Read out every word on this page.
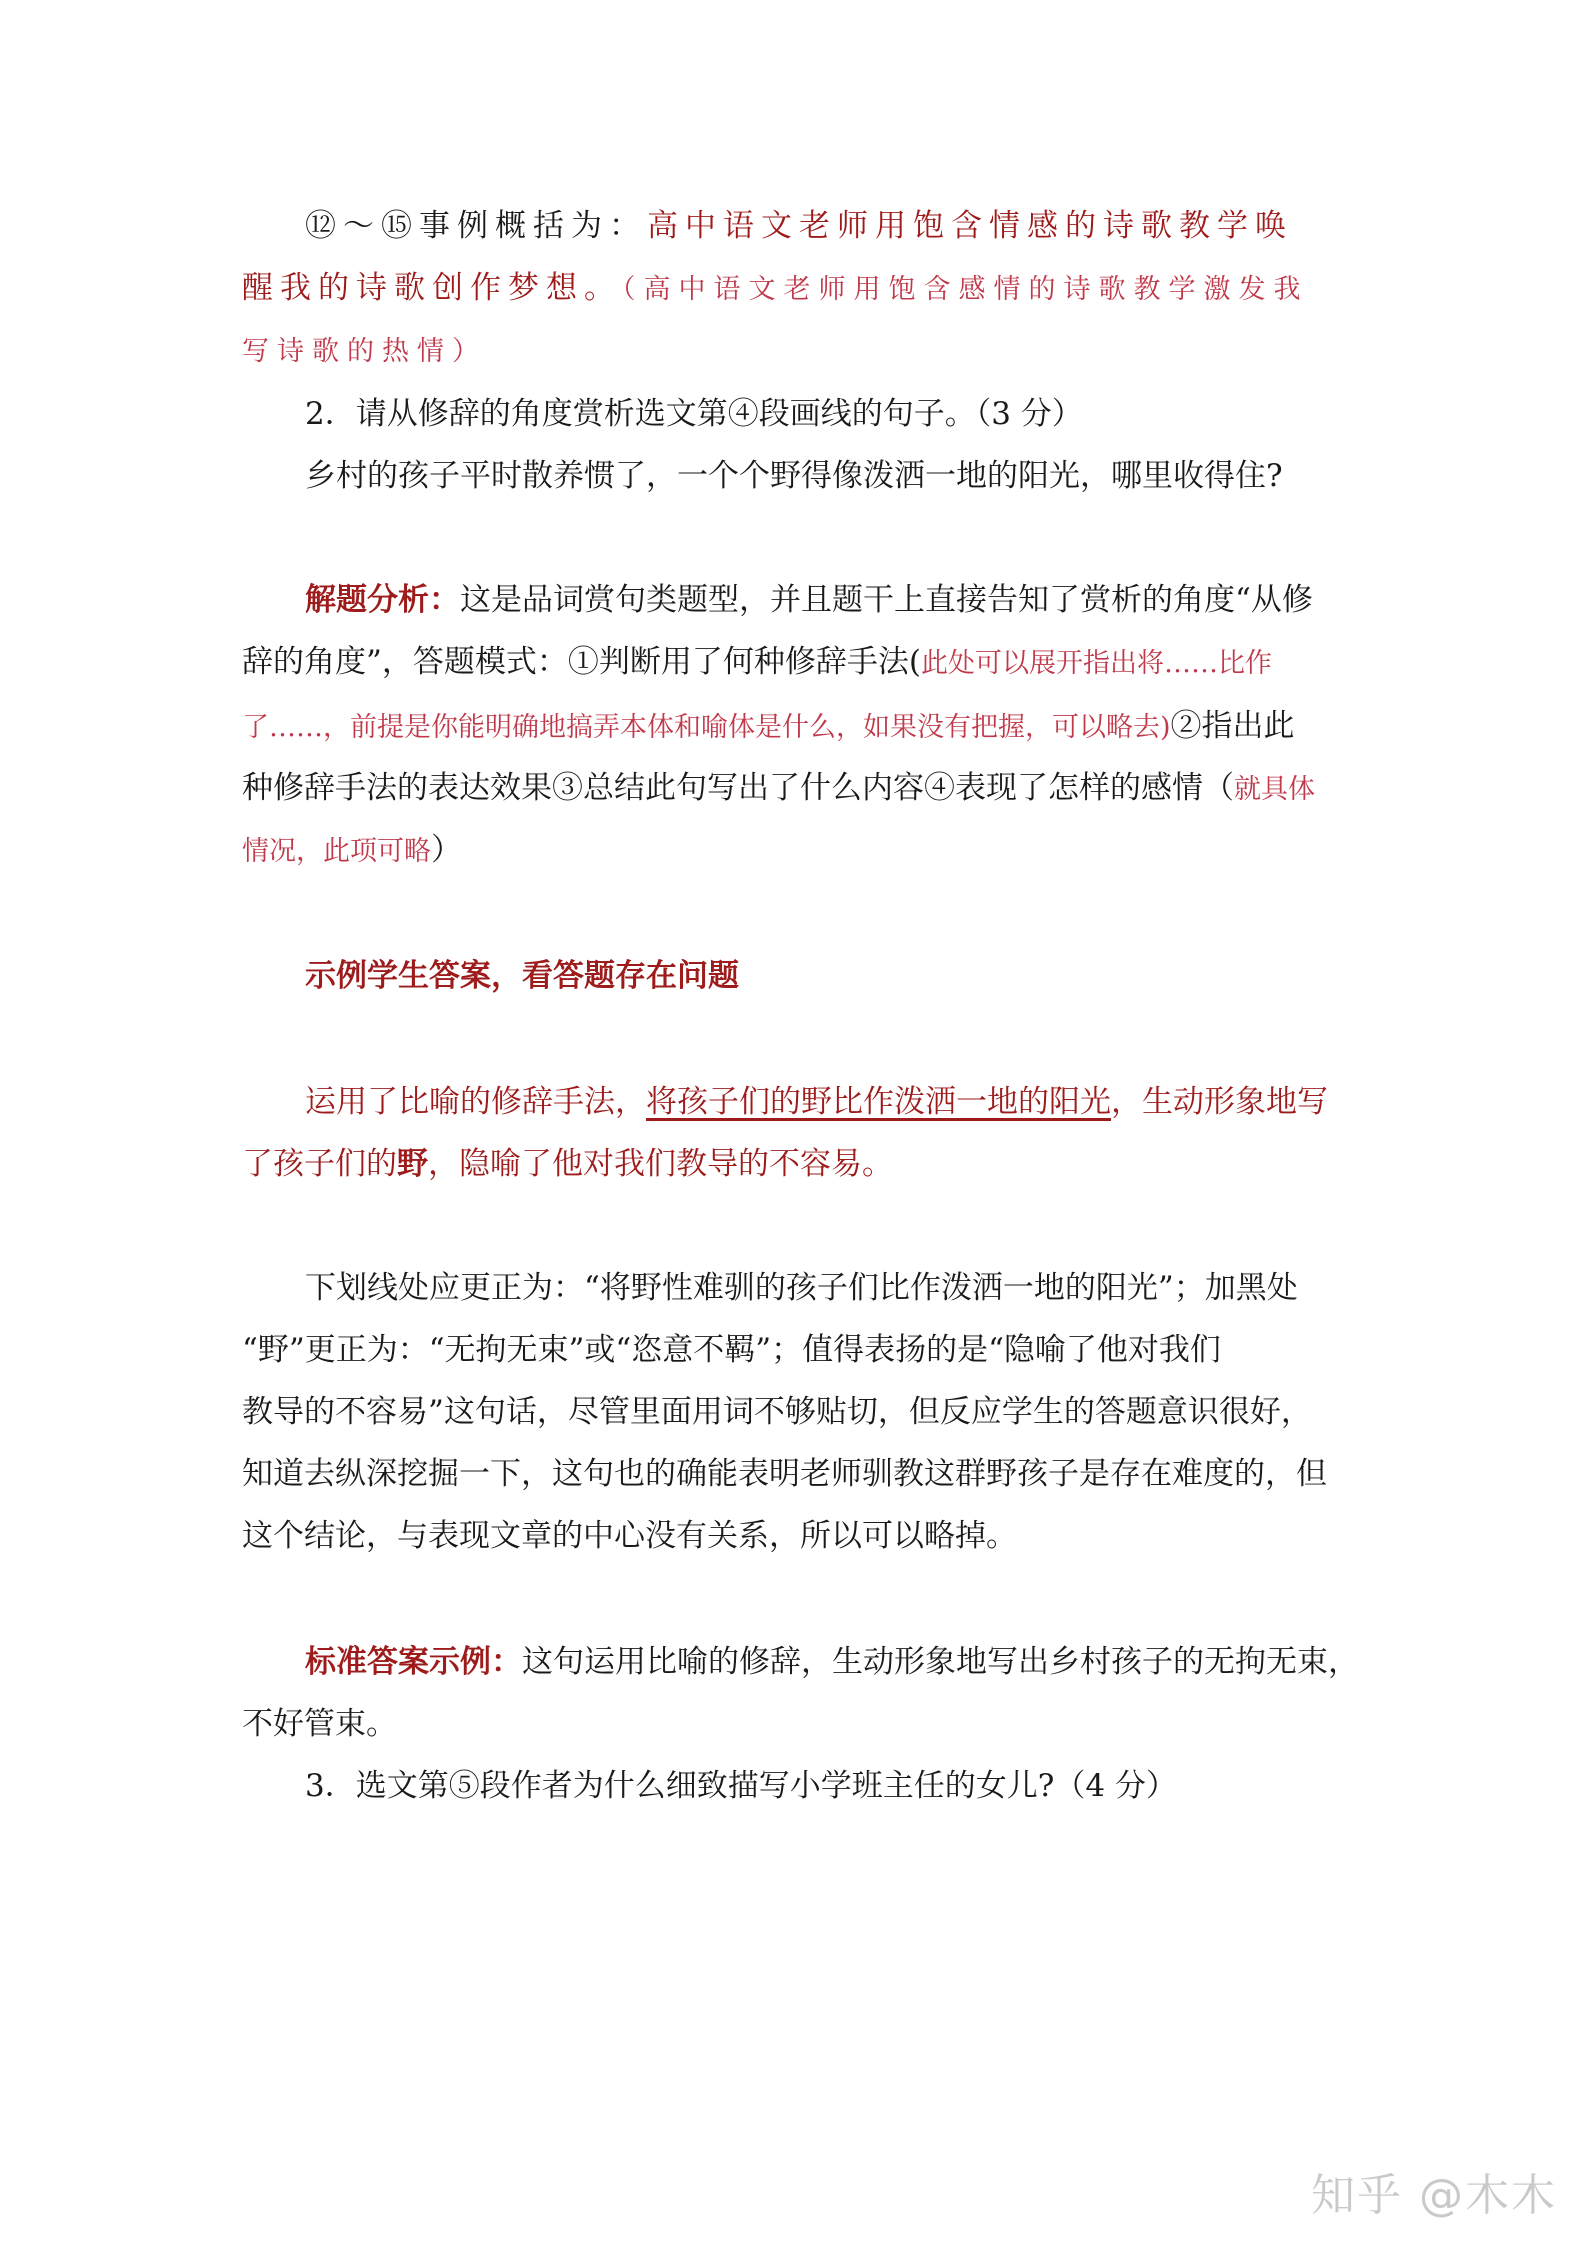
⑫～⑮事例概括为：高中语文老师用饱含情感的诗歌教学唤
醒我的诗歌创作梦想。（高中语文老师用饱含感情的诗歌教学激发我
写诗歌的热情）
2．请从修辞的角度赏析选文第④段画线的句子。（3 分）
乡村的孩子平时散养惯了，一个个野得像泼洒一地的阳光，哪里收得住?
解题分析：这是品词赏句类题型，并且题干上直接告知了赏析的角度“从修
辞的角度”，答题模式：①判断用了何种修辞手法(此处可以展开指出将……比作
了……，前提是你能明确地搞弄本体和喻体是什么，如果没有把握，可以略去)②指出此
种修辞手法的表达效果③总结此句写出了什么内容④表现了怎样的感情（就具体
情况，此项可略）
示例学生答案，看答题存在问题
运用了比喻的修辞手法，将孩子们的野比作泼洒一地的阳光，生动形象地写
了孩子们的野，隐喻了他对我们教导的不容易。
下划线处应更正为：“将野性难驯的孩子们比作泼洒一地的阳光”；加黑处
“野”更正为：“无拘无束”或“恣意不羁”；值得表扬的是“隐喻了他对我们
教导的不容易”这句话，尽管里面用词不够贴切，但反应学生的答题意识很好，
知道去纵深挖掘一下，这句也的确能表明老师驯教这群野孩子是存在难度的，但
这个结论，与表现文章的中心没有关系，所以可以略掉。
标准答案示例：这句运用比喻的修辞，生动形象地写出乡村孩子的无拘无束，
不好管束。
3．选文第⑤段作者为什么细致描写小学班主任的女儿?（4 分）
知乎 @木木
